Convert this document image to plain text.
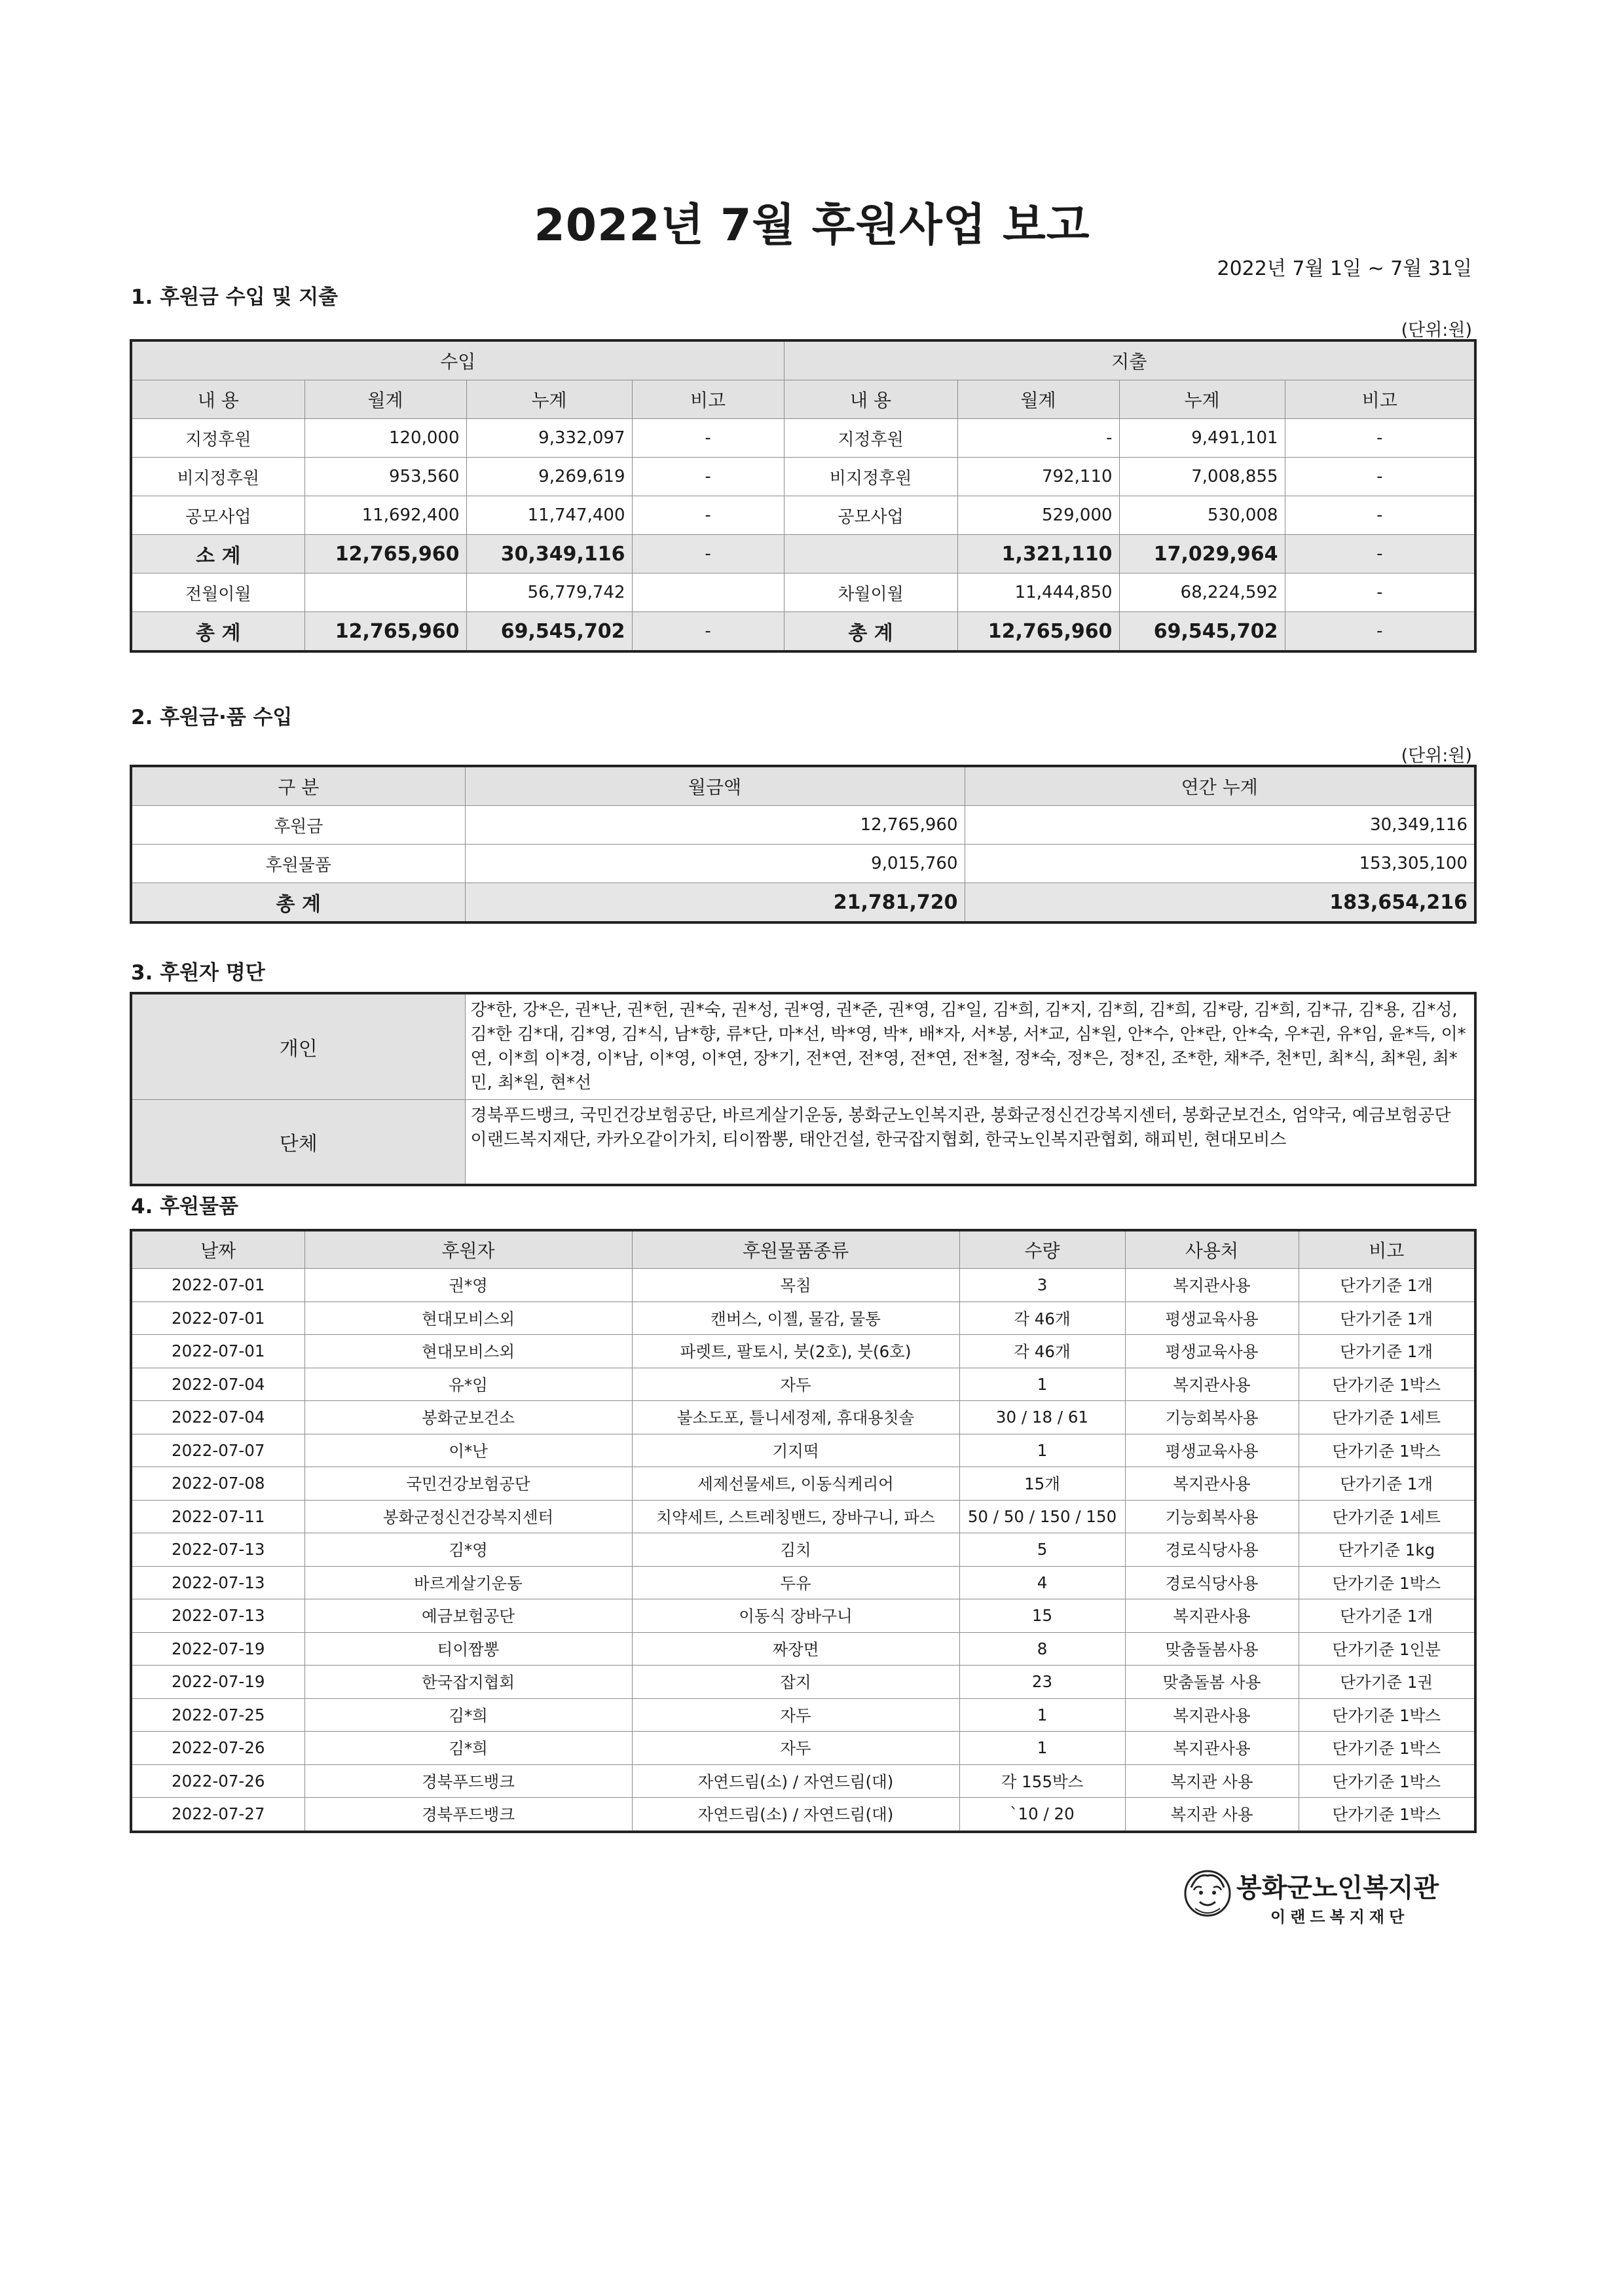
2022년 7월 후원사업 보고
2022년 7월 1일 ~ 7월 31일
1. 후원금 수입 및 지출
(단위:원)
수입				지출			
내 용	월계	누계	비고	내 용	월계	누계	비고
지정후원	120,000	9,332,097	-	지정후원	-	9,491,101	-
비지정후원	953,560	9,269,619	-	비지정후원	792,110	7,008,855	-
공모사업	11,692,400	11,747,400	-	공모사업	529,000	530,008	-
소 계	12,765,960	30,349,116	-		1,321,110	17,029,964	-
전월이월		56,779,742		차월이월	11,444,850	68,224,592	-
총 계	12,765,960	69,545,702	-	총 계	12,765,960	69,545,702	-
2. 후원금·품 수입
(단위:원)
구 분	월금액	연간 누계
후원금	12,765,960	30,349,116
후원물품	9,015,760	153,305,100
총 계	21,781,720	183,654,216
3. 후원자 명단
개인	강*한, 강*은, 권*난, 권*헌, 권*숙, 권*성, 권*영, 권*준, 권*영, 김*일, 김*희, 김*지, 김*희, 김*희, 김*랑, 김*희, 김*규, 김*용, 김*성, 김*한 김*대, 김*영, 김*식, 남*향, 류*단, 마*선, 박*영, 박*, 배*자, 서*봉, 서*교, 심*원, 안*수, 안*란, 안*숙, 우*권, 유*임, 윤*득, 이*연, 이*희 이*경, 이*남, 이*영, 이*연, 장*기, 전*연, 전*영, 전*연, 전*철, 정*숙, 정*은, 정*진, 조*한, 채*주, 천*민, 최*식, 최*원, 최*민, 최*원, 현*선
단체	경북푸드뱅크, 국민건강보험공단, 바르게살기운동, 봉화군노인복지관, 봉화군정신건강복지센터, 봉화군보건소, 엄약국, 예금보험공단 이랜드복지재단, 카카오같이가치, 티이짬뽕, 태안건설, 한국잡지협회, 한국노인복지관협회, 해피빈, 현대모비스
4. 후원물품
날짜	후원자	후원물품종류	수량	사용처	비고
2022-07-01	권*영	목침	3	복지관사용	단가기준 1개
2022-07-01	현대모비스외	캔버스, 이젤, 물감, 물통	각 46개	평생교육사용	단가기준 1개
2022-07-01	현대모비스외	파렛트, 팔토시, 붓(2호), 붓(6호)	각 46개	평생교육사용	단가기준 1개
2022-07-04	유*임	자두	1	복지관사용	단가기준 1박스
2022-07-04	봉화군보건소	불소도포, 틀니세정제, 휴대용칫솔	30 / 18 / 61	기능회복사용	단가기준 1세트
2022-07-07	이*난	기지떡	1	평생교육사용	단가기준 1박스
2022-07-08	국민건강보험공단	세제선물세트, 이동식케리어	15개	복지관사용	단가기준 1개
2022-07-11	봉화군정신건강복지센터	치약세트, 스트레칭밴드, 장바구니, 파스	50 / 50 / 150 / 150	기능회복사용	단가기준 1세트
2022-07-13	김*영	김치	5	경로식당사용	단가기준 1kg
2022-07-13	바르게살기운동	두유	4	경로식당사용	단가기준 1박스
2022-07-13	예금보험공단	이동식 장바구니	15	복지관사용	단가기준 1개
2022-07-19	티이짬뽕	짜장면	8	맞춤돌봄사용	단가기준 1인분
2022-07-19	한국잡지협회	잡지	23	맞춤돌봄 사용	단가기준 1권
2022-07-25	김*희	자두	1	복지관사용	단가기준 1박스
2022-07-26	김*희	자두	1	복지관사용	단가기준 1박스
2022-07-26	경북푸드뱅크	자연드림(소) / 자연드림(대)	각 155박스	복지관 사용	단가기준 1박스
2022-07-27	경북푸드뱅크	자연드림(소) / 자연드림(대)	`10 / 20	복지관 사용	단가기준 1박스
봉화군노인복지관
이랜드복지재단
